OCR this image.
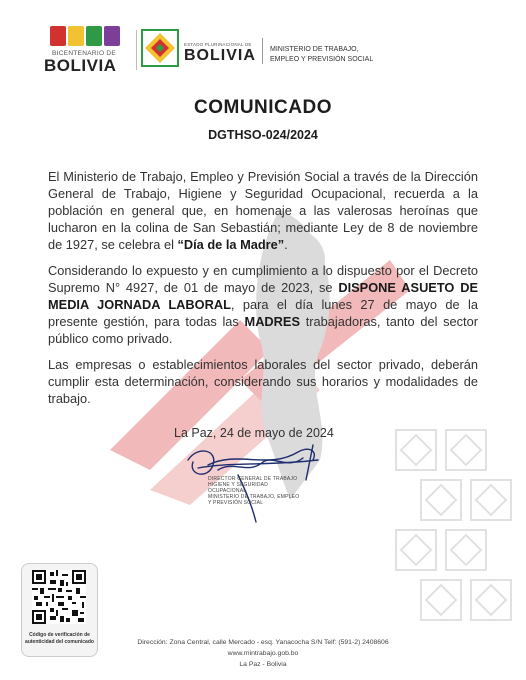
BICENTENARIO DE
BOLIVIA
ESTADO PLURINACIONAL DE
BOLIVIA MINISTERIO DE TRABAJO,
EMPLEO Y PREVISIÓN SOCIAL
COMUNICADO
DGTHSO-024/2024

El Ministerio de Trabajo, Empleo y Previsión Social a través de la Dirección General de Trabajo, Higiene y Seguridad Ocupacional, recuerda a la población en general que, en homenaje a las valerosas heroínas que lucharon en la colina de San Sebastián; mediante Ley de 8 de noviembre de 1927, se celebra el “Día de la Madre”.

Considerando lo expuesto y en cumplimiento a lo dispuesto por el Decreto Supremo N° 4927, de 01 de mayo de 2023, se DISPONE ASUETO DE MEDIA JORNADA LABORAL, para el día lunes 27 de mayo de la presente gestión, para todas las MADRES trabajadoras, tanto del sector público como privado.

Las empresas o establecimientos laborales del sector privado, deberán cumplir esta determinación, considerando sus horarios y modalidades de trabajo.

La Paz, 24 de mayo de 2024
DIRECTOR GENERAL DE TRABAJO
HIGIENE Y SEGURIDAD
OCUPACIONAL
MINISTERIO DE TRABAJO, EMPLEO
Y PREVISIÓN SOCIAL
Código de verificación de
autenticidad del comunicado	Dirección: Zona Central, calle Mercado - esq. Yanacocha S/N Telf: (591-2) 2408606
www.mintrabajo.gob.bo
La Paz - Bolivia
